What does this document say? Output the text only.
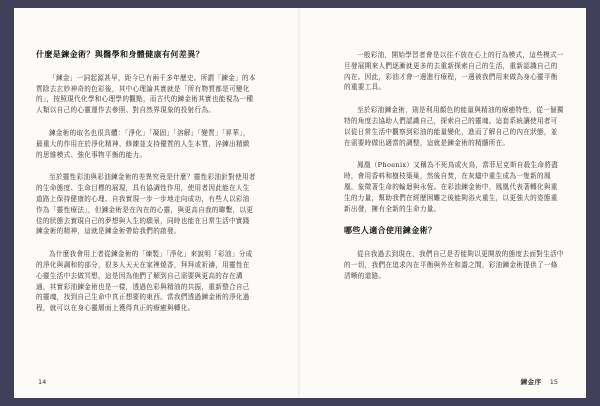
什麼是鍊金術？與醫學和身體健康有何差異？

「鍊金」一詞起源甚早，距今已有兩千多年歷史。所謂「鍊金」的本質除去玄妙神奇的色彩後，其中心理論其實就是「所有物質都是可變化的」，按照現代化學和心理學的觀點，而古代的鍊金術其實也能視為一種人類以自己的心靈運作去參照、對自然界現象的投射行為。

鍊金術的取名也很具體：「淨化」「凝固」「溶解」「變質」「昇華」，最重大的作用在於淨化精神、修練並支持優質的人生本質，淬鍊出精緻的思維模式、強化事物平衡的能力。

至於靈性彩油與彩油鍊金術的差異究竟是什麼？靈性彩油針對使用者的生命態度、生命目標的展現，具有協調性作用，使用者因此能在人生道路上保持健康的心理、自我實現一步一步地走向成功，有些人以彩油作為「靈性療法」，但鍊金術是在內在的心靈，與更高自我的聯繫，以更佳的狀態去實現自己的夢想與人生的願景，同時也能在日常生活中實踐鍊金術的精神，這就是鍊金術帶給我們的啟發。

為什麼我會用上者從鍊金術的「煉製」「淨化」來說明「彩油」分成的淨化與調和的部分，很多人天天在家裡燒香，拜拜或祈禱，用靈性在心靈生活中去做冥想，這是因為他們了解到自己需要與更高的存在溝通，其實彩油鍊金術也是一樣，透過色彩與精油的共振，重新整合自己的靈魂，找到自己生命中真正想要的東西。當我們透過鍊金術的淨化過程，就可以在身心靈層面上獲得真正的療癒與轉化。

14

一般彩油，開始學習者會是以往不放在心上的行為模式，這些模式一旦發展開來人們逐漸就更多的去重新探索自己的生活，重新認識自己的內在。因此，彩油才會一邊進行療程，一邊被我們用來做為身心靈平衡的重要工具。

至於彩油鍊金術，則是利用顏色的能量與精油的療癒特性，從一個獨特的角度去協助人們認識自己，探索自己的靈魂。這套系統讓使用者可以從日常生活中觀察到彩油的能量變化，進而了解自己的內在狀態，並在需要時做出適當的調整，這就是鍊金術的精髓所在。

鳳凰（Phoenix）又稱為不死鳥或火鳥，當菲尼克斯自殺生命將盡時，會用香料和樹枝築巢，然後自焚，在灰燼中重生成為一隻新的鳳凰，象徵著生命的輪迴與永恆。在彩油鍊金術中，鳳凰代表著轉化與重生的力量，幫助我們在經歷困難之後能夠浴火重生，以更強大的姿態重新出發，擁有全新的生命力量。

哪些人適合使用鍊金術？

從自我過去到現在，我們自己是否能夠以更開放的態度去面對生活中的一切，我們在追求內在平衡與外在和諧之間，彩油鍊金術提供了一條清晰的道路。

鍊金序 15
